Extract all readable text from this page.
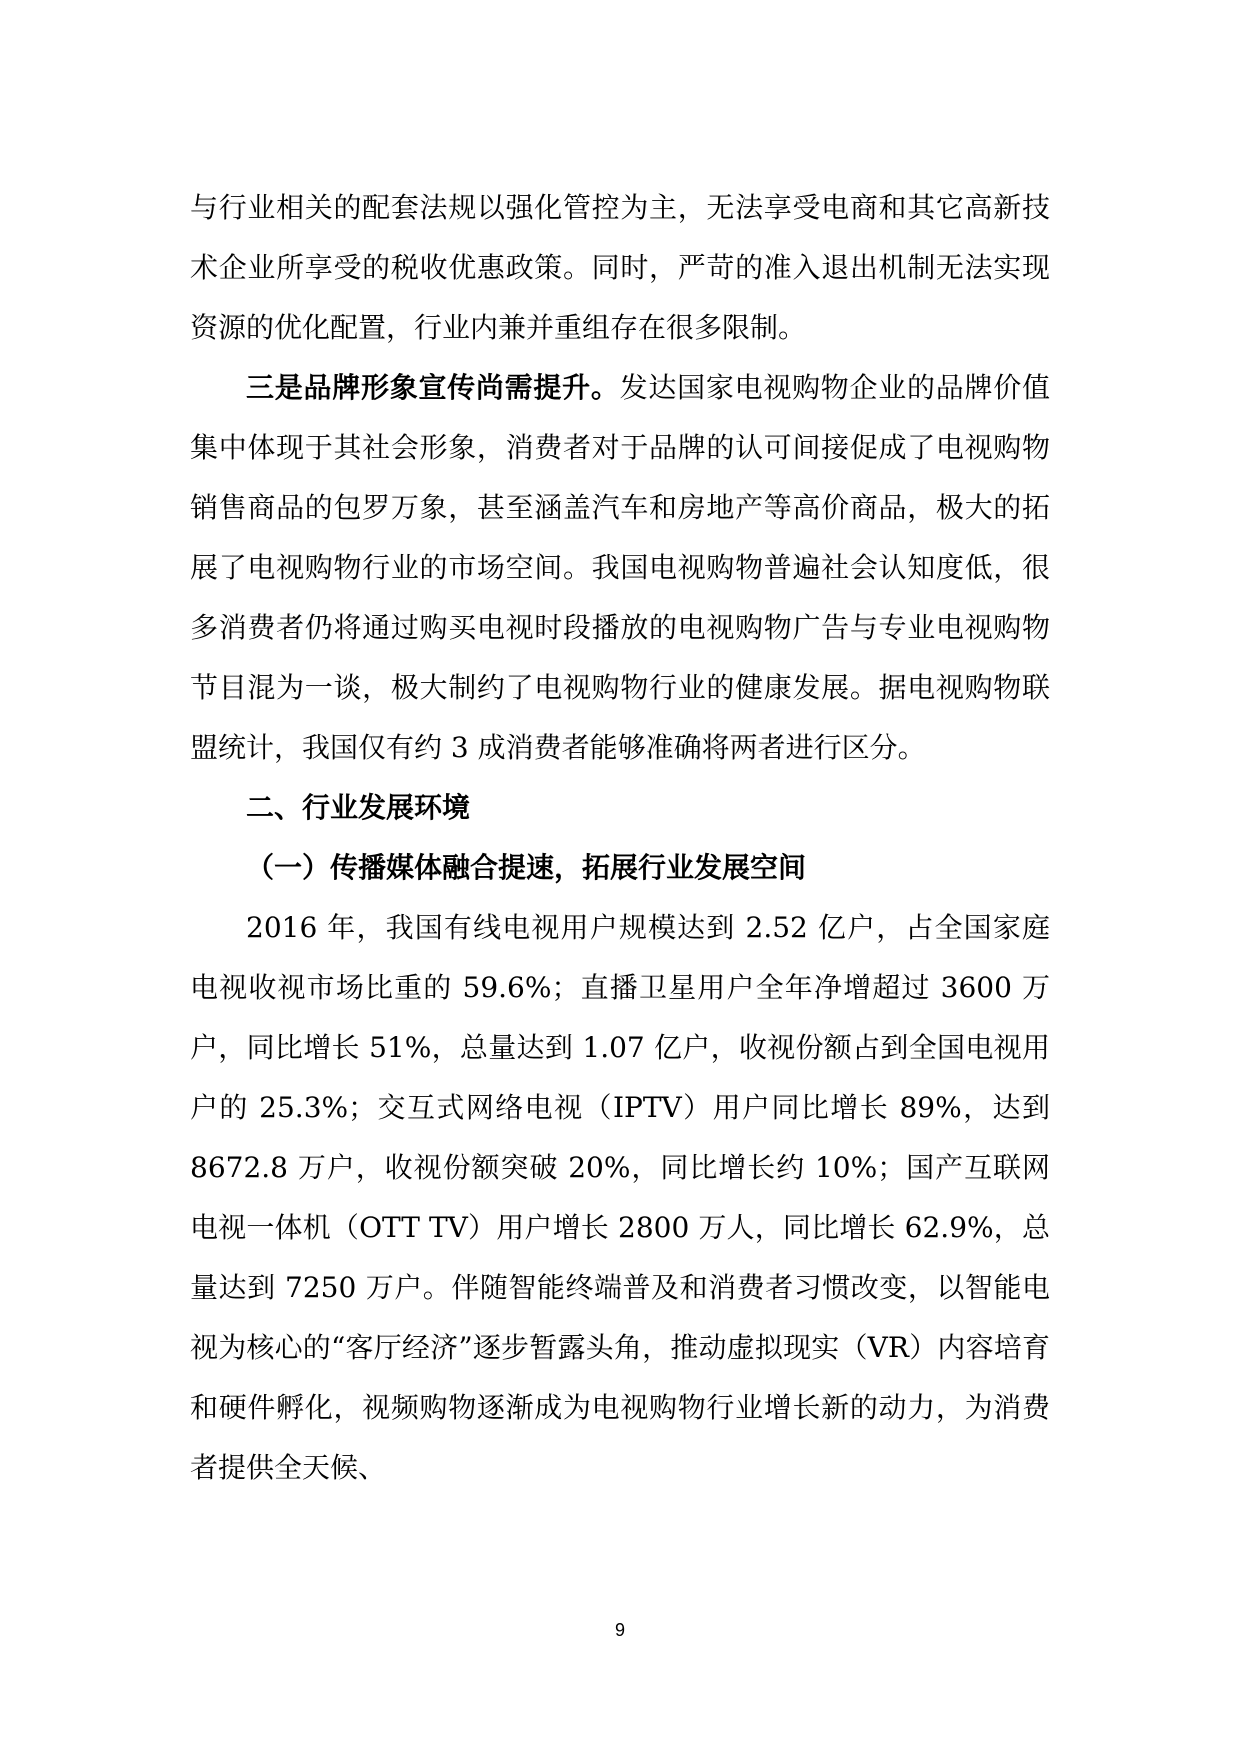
与行业相关的配套法规以强化管控为主，无法享受电商和其它高新技术企业所享受的税收优惠政策。同时，严苛的准入退出机制无法实现资源的优化配置，行业内兼并重组存在很多限制。

三是品牌形象宣传尚需提升。发达国家电视购物企业的品牌价值集中体现于其社会形象，消费者对于品牌的认可间接促成了电视购物销售商品的包罗万象，甚至涵盖汽车和房地产等高价商品，极大的拓展了电视购物行业的市场空间。我国电视购物普遍社会认知度低，很多消费者仍将通过购买电视时段播放的电视购物广告与专业电视购物节目混为一谈，极大制约了电视购物行业的健康发展。据电视购物联盟统计，我国仅有约 3 成消费者能够准确将两者进行区分。

二、行业发展环境
（一）传播媒体融合提速，拓展行业发展空间

2016 年，我国有线电视用户规模达到 2.52 亿户，占全国家庭电视收视市场比重的 59.6%；直播卫星用户全年净增超过 3600 万户，同比增长 51%，总量达到 1.07 亿户，收视份额占到全国电视用户的 25.3%；交互式网络电视（IPTV）用户同比增长 89%，达到 8672.8 万户，收视份额突破 20%，同比增长约 10%；国产互联网电视一体机（OTT TV）用户增长 2800 万人，同比增长 62.9%，总量达到 7250 万户。伴随智能终端普及和消费者习惯改变，以智能电视为核心的“客厅经济”逐步暂露头角，推动虚拟现实（VR）内容培育和硬件孵化，视频购物逐渐成为电视购物行业增长新的动力，为消费者提供全天候、

9
